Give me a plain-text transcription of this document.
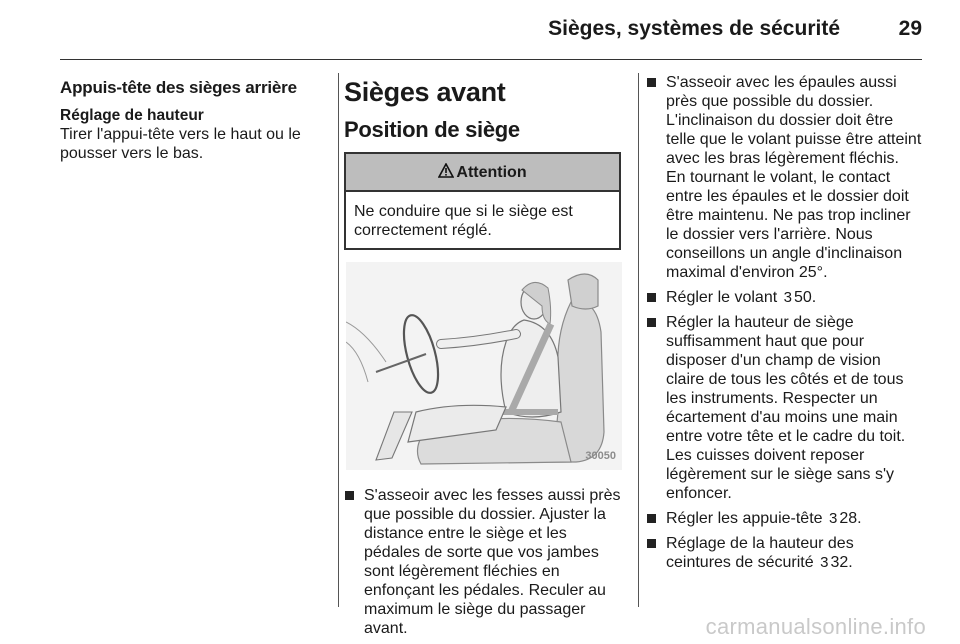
Sièges, systèmes de sécurité	29
Appuis-tête des sièges arrière
Réglage de hauteur

Tirer l'appui-tête vers le haut ou le pousser vers le bas.

Sièges avant
Position de siège
Attention
Ne conduire que si le siège est correctement réglé.
30050
S'asseoir avec les fesses aussi près que possible du dossier. Ajuster la distance entre le siège et les pédales de sorte que vos jambes sont légèrement fléchies en enfonçant les pédales. Reculer au maximum le siège du passager avant.
S'asseoir avec les épaules aussi près que possible du dossier. L'inclinaison du dossier doit être telle que le volant puisse être atteint avec les bras légèrement fléchis. En tournant le volant, le contact entre les épaules et le dossier doit être maintenu. Ne pas trop incliner le dossier vers l'arrière. Nous conseillons un angle d'inclinaison maximal d'environ 25°.
Régler le volant 3 50.
Régler la hauteur de siège suffisamment haut que pour disposer d'un champ de vision claire de tous les côtés et de tous les instruments. Respecter un écartement d'au moins une main entre votre tête et le cadre du toit. Les cuisses doivent reposer légèrement sur le siège sans s'y enfoncer.
Régler les appuie-tête 3 28.
Réglage de la hauteur des ceintures de sécurité 3 32.
carmanualsonline.info
